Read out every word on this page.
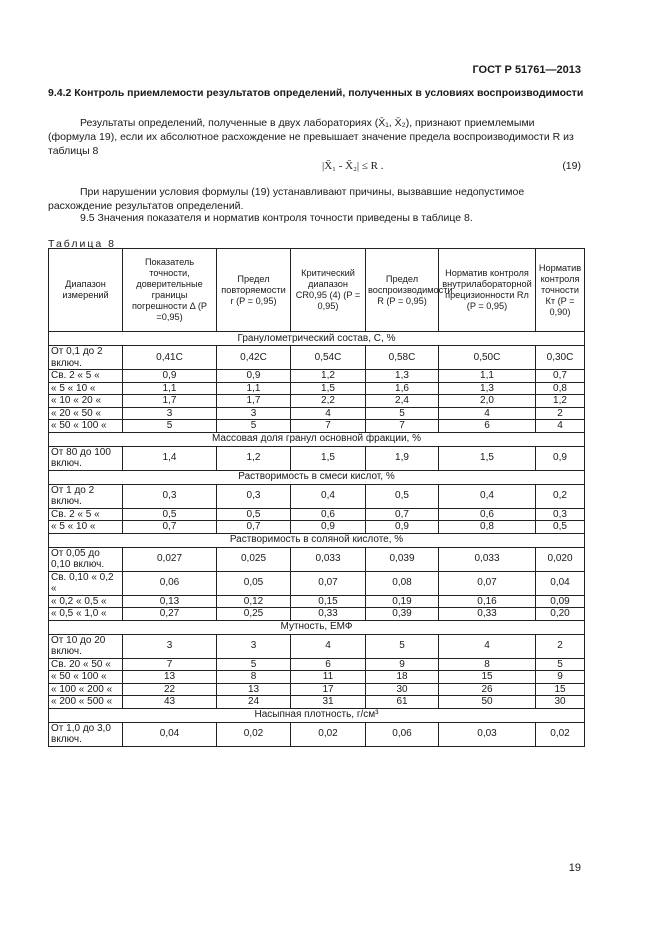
ГОСТ Р 51761—2013
9.4.2 Контроль приемлемости результатов определений, полученных в условиях воспроизводимости
Результаты определений, полученные в двух лабораториях (X̄₁, X̄₂), признают приемлемыми (формула 19), если их абсолютное расхождение не превышает значение предела воспроизводимости R из таблицы 8
|X̄₁ - X̄₂| ≤ R .	(19)
При нарушении условия формулы (19) устанавливают причины, вызвавшие недопустимое расхождение результатов определений.
9.5 Значения показателя и норматив контроля точности приведены в таблице 8.
Таблица 8
Диапазон измерений	Показатель точности, доверительные границы погрешности Δ (P =0,95)	Предел повторяемости r (P = 0,95)	Критический диапазон CR0,95 (4) (P = 0,95)	Предел воспроизводимости R (P = 0,95)	Норматив контроля внутрилабораторной прецизионности Rл (P = 0,95)	Норматив контроля точности Кт (P = 0,90)
Гранулометрический состав, С, %						
От 0,1 до 2 включ.	0,41C	0,42C	0,54C	0,58C	0,50C	0,30C
Св. 2 « 5 «	0,9	0,9	1,2	1,3	1,1	0,7
« 5 « 10 «	1,1	1,1	1,5	1,6	1,3	0,8
« 10 « 20 «	1,7	1,7	2,2	2,4	2,0	1,2
« 20 « 50 «	3	3	4	5	4	2
« 50 « 100 «	5	5	7	7	6	4
Массовая доля гранул основной фракции, %						
От 80 до 100 включ.	1,4	1,2	1,5	1,9	1,5	0,9
Растворимость в смеси кислот, %						
От 1 до 2 включ.	0,3	0,3	0,4	0,5	0,4	0,2
Св. 2 « 5 «	0,5	0,5	0,6	0,7	0,6	0,3
« 5 « 10 «	0,7	0,7	0,9	0,9	0,8	0,5
Растворимость в соляной кислоте, %						
От 0,05 до 0,10 включ.	0,027	0,025	0,033	0,039	0,033	0,020
Св. 0,10 « 0,2 «	0,06	0,05	0,07	0,08	0,07	0,04
« 0,2 « 0,5 «	0,13	0,12	0,15	0,19	0,16	0,09
« 0,5 « 1,0 «	0,27	0,25	0,33	0,39	0,33	0,20
Мутность, ЕМФ						
От 10 до 20 включ.	3	3	4	5	4	2
Св. 20 « 50 «	7	5	6	9	8	5
« 50 « 100 «	13	8	11	18	15	9
« 100 « 200 «	22	13	17	30	26	15
« 200 « 500 «	43	24	31	61	50	30
Насыпная плотность, г/см³						
От 1,0 до 3,0 включ.	0,04	0,02	0,02	0,06	0,03	0,02
19
